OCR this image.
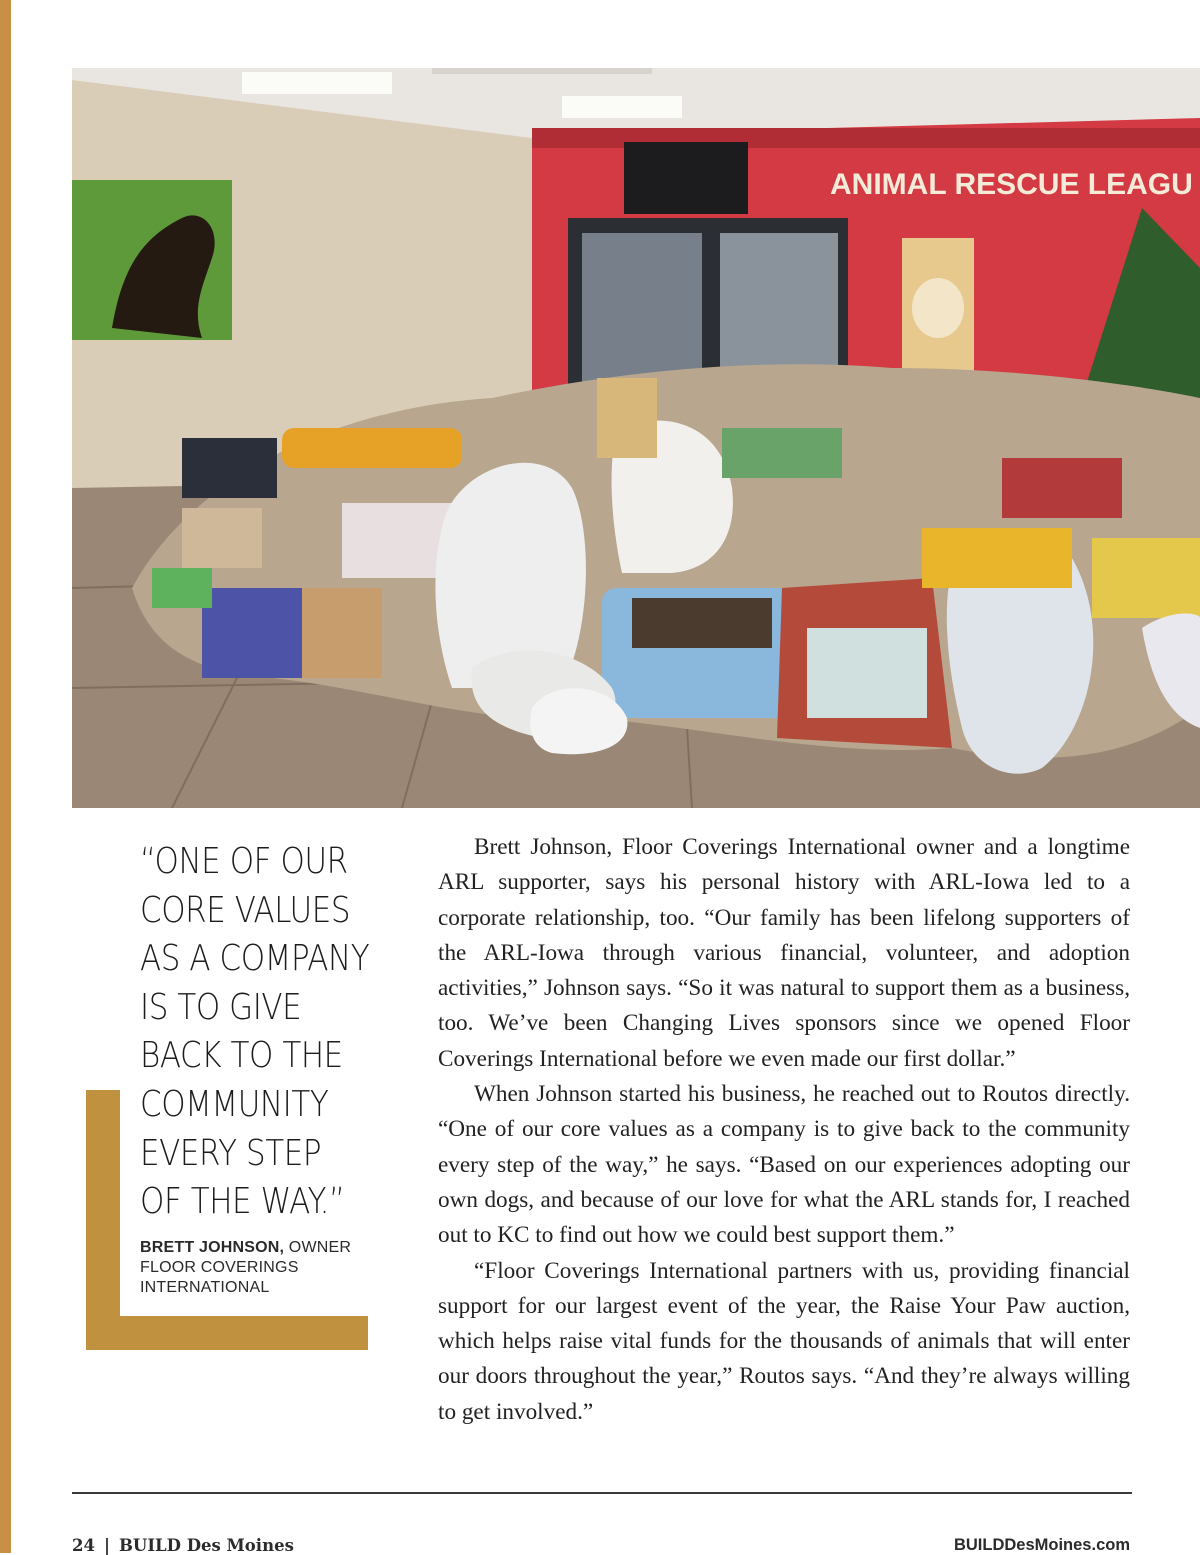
ANIMAL RESCUE LEAGU
“ONE OF OUR
CORE VALUES
AS A COMPANY
IS TO GIVE
BACK TO THE
COMMUNITY
EVERY STEP
OF THE WAY.”
BRETT JOHNSON, OWNER
FLOOR COVERINGS
INTERNATIONAL

Brett Johnson, Floor Coverings International owner and a longtime ARL supporter, says his personal history with ARL-Iowa led to a corporate relationship, too. “Our family has been lifelong supporters of the ARL-Iowa through various financial, volunteer, and adoption activities,” Johnson says. “So it was natural to support them as a business, too. We’ve been Changing Lives sponsors since we opened Floor Coverings International before we even made our first dollar.”

When Johnson started his business, he reached out to Routos directly. “One of our core values as a company is to give back to the community every step of the way,” he says. “Based on our experiences adopting our own dogs, and because of our love for what the ARL stands for, I reached out to KC to find out how we could best support them.”

“Floor Coverings International partners with us, providing financial support for our largest event of the year, the Raise Your Paw auction, which helps raise vital funds for the thousands of animals that will enter our doors throughout the year,” Routos says. “And they’re always willing to get involved.”

24 | BUILD Des Moines	BUILDDesMoines.com
